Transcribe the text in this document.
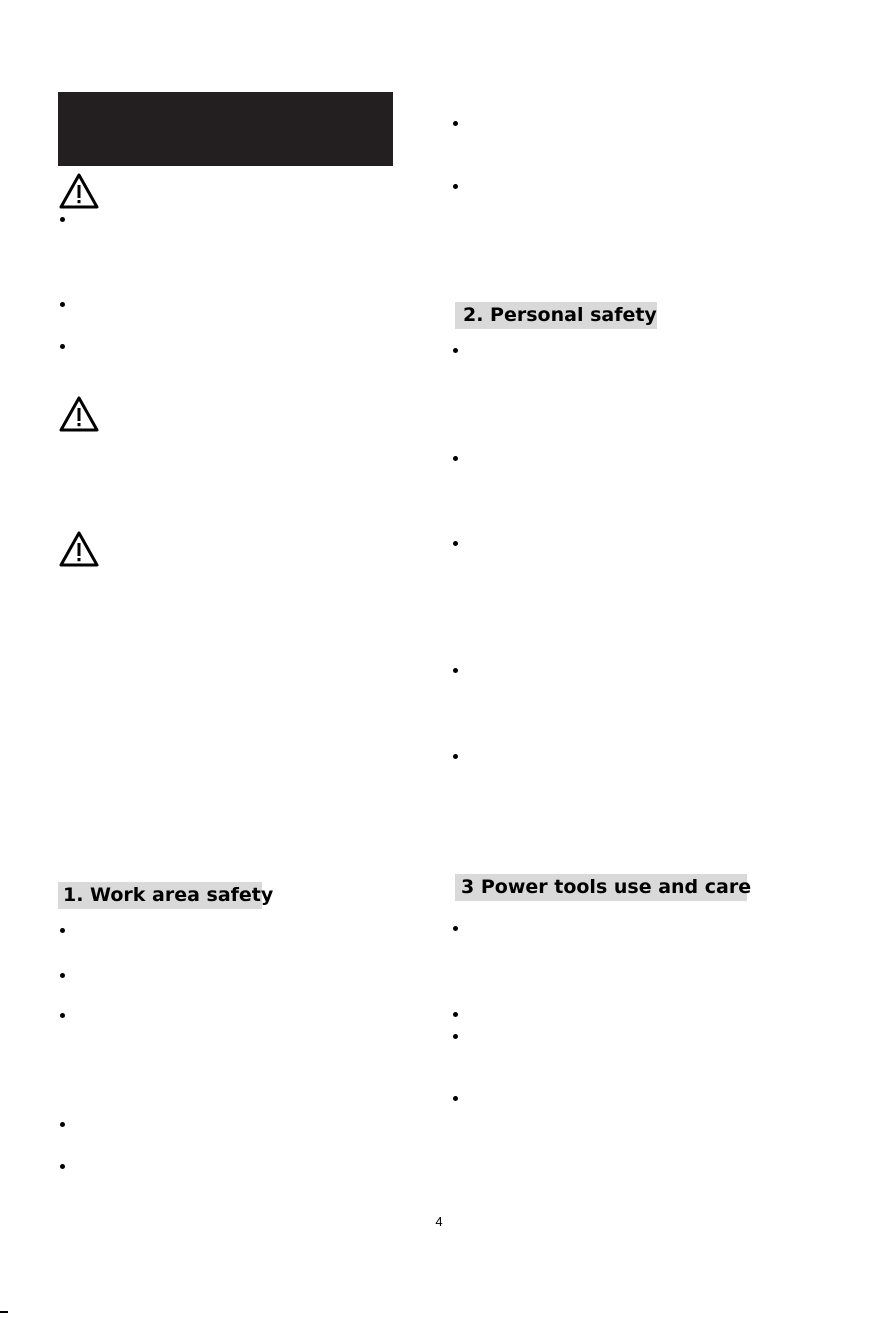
1. Work area safety
2. Personal safety
3 Power tools use and care
4
